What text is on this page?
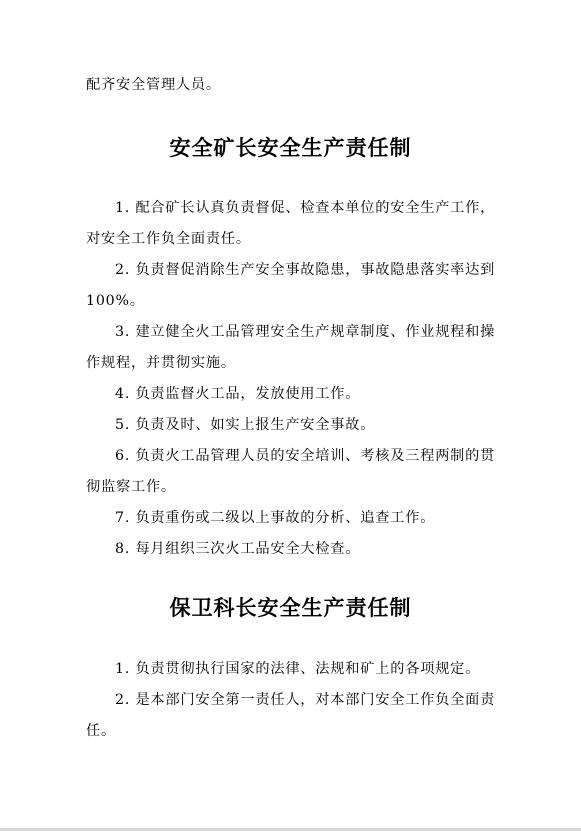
配齐安全管理人员。

安全矿长安全生产责任制

1. 配合矿长认真负责督促、检查本单位的安全生产工作，对安全工作负全面责任。

2. 负责督促消除生产安全事故隐患，事故隐患落实率达到 100%。

3. 建立健全火工品管理安全生产规章制度、作业规程和操作规程，并贯彻实施。

4. 负责监督火工品，发放使用工作。

5. 负责及时、如实上报生产安全事故。

6. 负责火工品管理人员的安全培训、考核及三程两制的贯彻监察工作。

7. 负责重伤或二级以上事故的分析、追查工作。

8. 每月组织三次火工品安全大检查。

保卫科长安全生产责任制

1. 负责贯彻执行国家的法律、法规和矿上的各项规定。

2. 是本部门安全第一责任人，对本部门安全工作负全面责任。
